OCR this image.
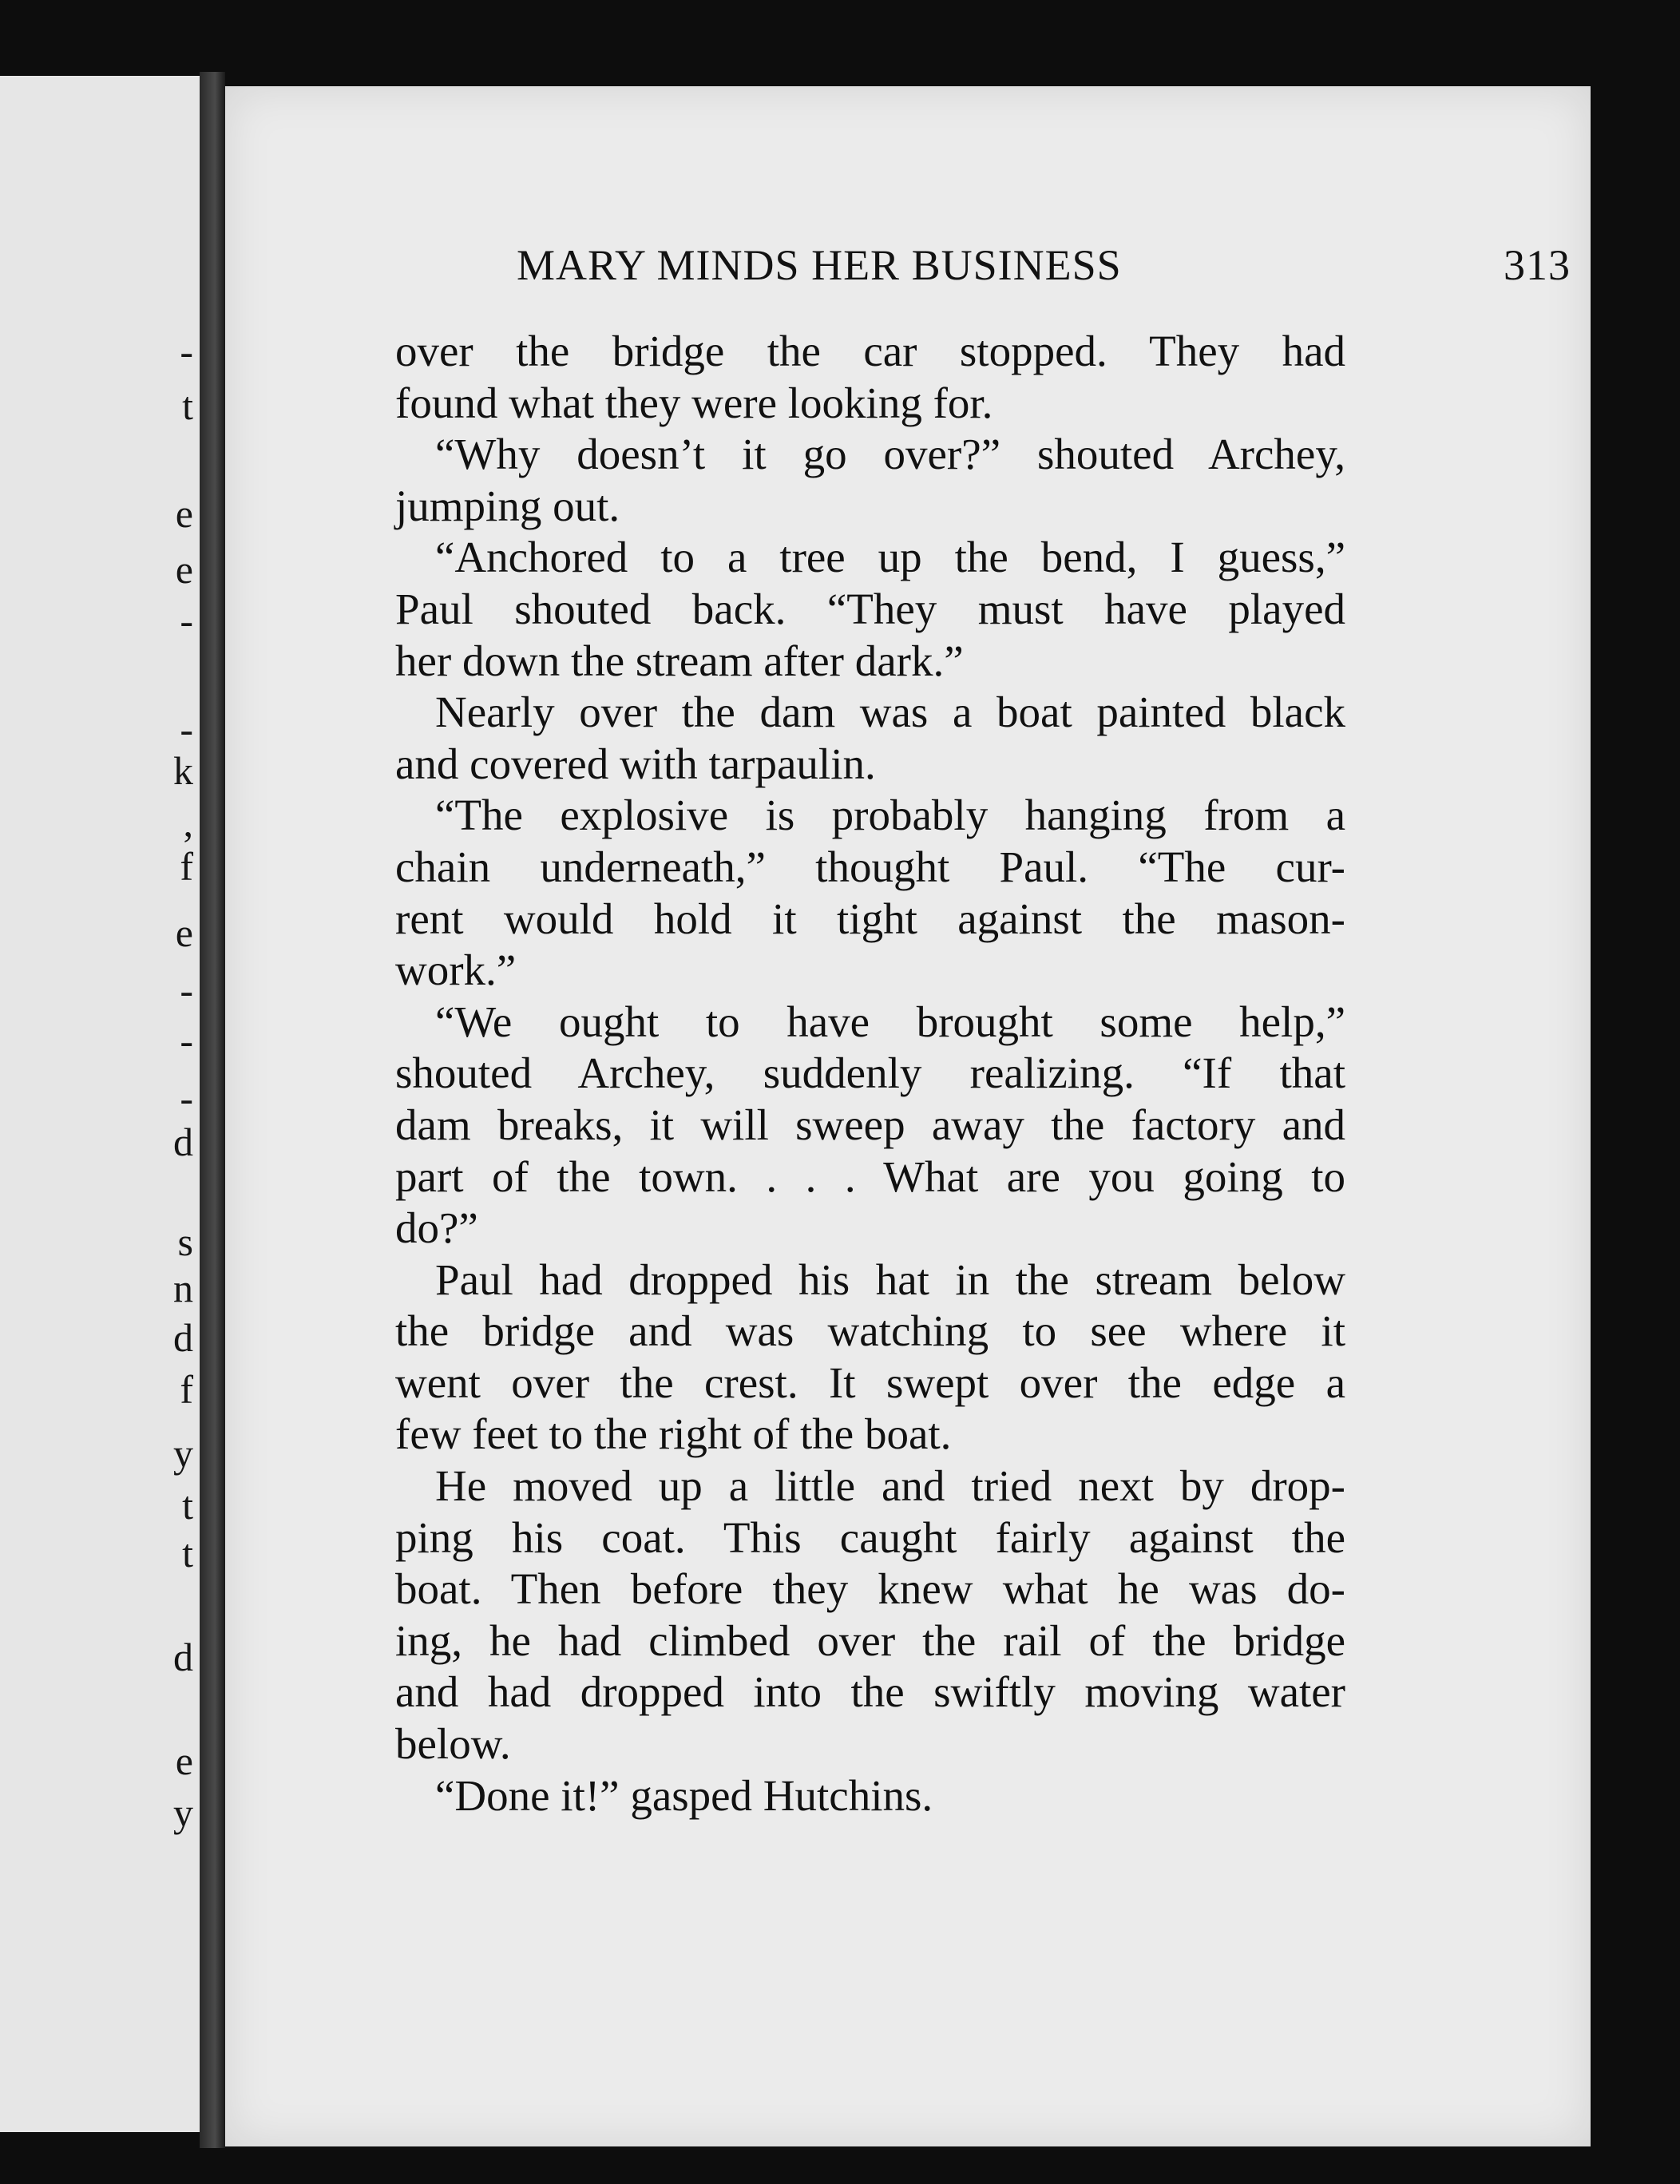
-
t
e
e
-
-
k
,
f
e
-
-
-
d
s
n
d
f
y
t
t
d
e
y
MARY MINDS HER BUSINESS	313
over the bridge the car stopped. They had
found what they were looking for.
“Why doesn’t it go over?” shouted Archey,
jumping out.
“Anchored to a tree up the bend, I guess,”
Paul shouted back. “They must have played
her down the stream after dark.”
Nearly over the dam was a boat painted black
and covered with tarpaulin.
“The explosive is probably hanging from a
chain underneath,” thought Paul. “The cur-
rent would hold it tight against the mason-
work.”
“We ought to have brought some help,”
shouted Archey, suddenly realizing. “If that
dam breaks, it will sweep away the factory and
part of the town. . . . What are you going to
do?”
Paul had dropped his hat in the stream below
the bridge and was watching to see where it
went over the crest. It swept over the edge a
few feet to the right of the boat.
He moved up a little and tried next by drop-
ping his coat. This caught fairly against the
boat. Then before they knew what he was do-
ing, he had climbed over the rail of the bridge
and had dropped into the swiftly moving water
below.
“Done it!” gasped Hutchins.
